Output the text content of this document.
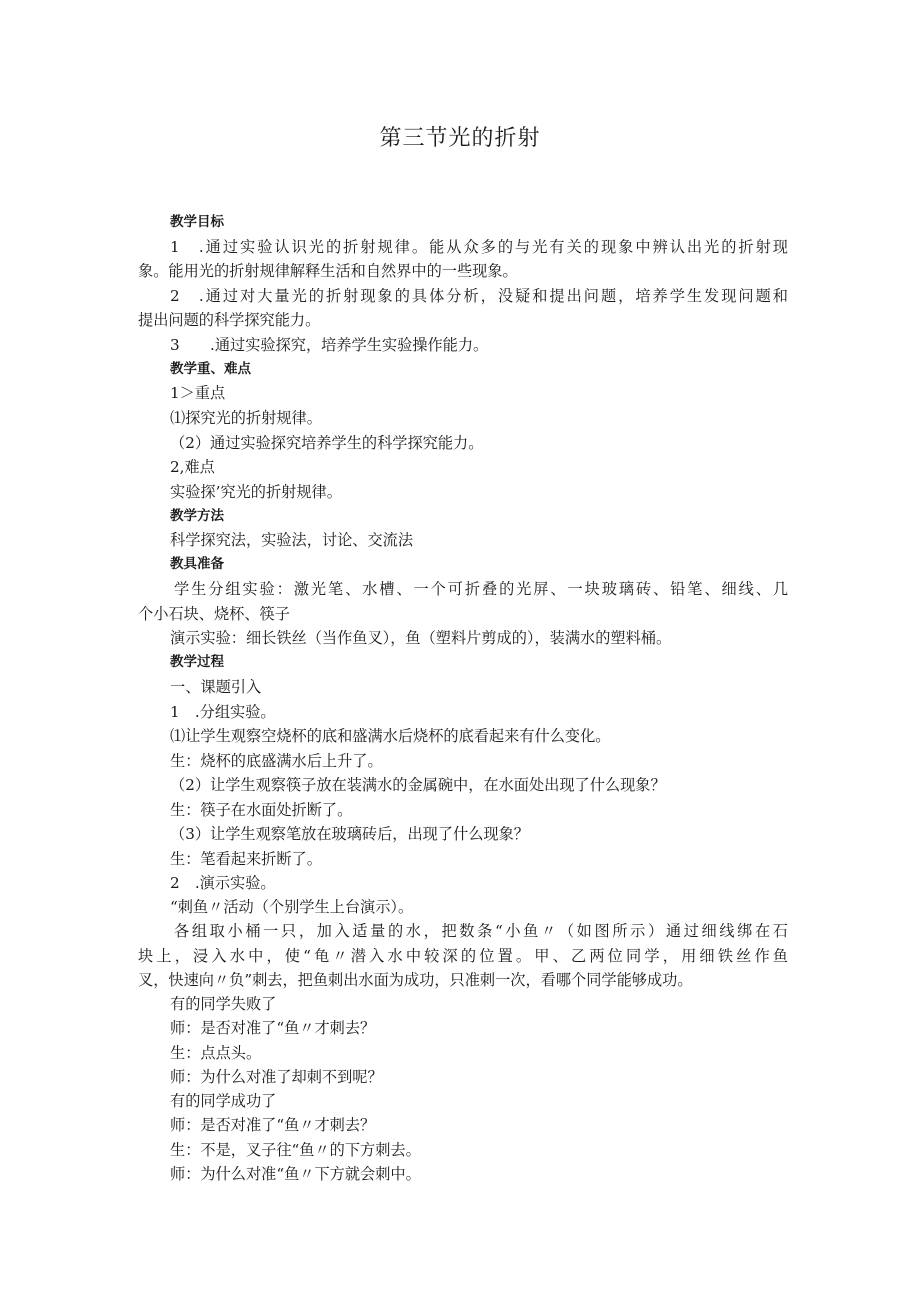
第三节光的折射
教学目标
1　.通过实验认识光的折射规律。能从众多的与光有关的现象中辨认出光的折射现
象。能用光的折射规律解释生活和自然界中的一些现象。
2　.通过对大量光的折射现象的具体分析，没疑和提出问题，培养学生发现问题和
提出问题的科学探究能力。
3　　.通过实验探究，培养学生实验操作能力。
教学重、难点
1＞重点
⑴探究光的折射规律。
（2）通过实验探究培养学生的科学探究能力。
2,难点
实验探’究光的折射规律。
教学方法
科学探究法，实验法，讨论、交流法
教具准备
学生分组实验：激光笔、水槽、一个可折叠的光屏、一块玻璃砖、铅笔、细线、几
个小石块、烧杯、筷子
演示实验：细长铁丝（当作鱼叉），鱼（塑料片剪成的），装满水的塑料桶。
教学过程
一、课题引入
1　.分组实验。
⑴让学生观察空烧杯的底和盛满水后烧杯的底看起来有什么变化。
生：烧杯的底盛满水后上升了。
（2）让学生观察筷子放在装满水的金属碗中，在水面处出现了什么现象？
生：筷子在水面处折断了。
（3）让学生观察笔放在玻璃砖后，出现了什么现象？
生：笔看起来折断了。
2　.演示实验。
“刺鱼〃活动（个别学生上台演示）。
各组取小桶一只，加入适量的水，把数条“小鱼〃（如图所示）通过细线绑在石
块上，浸入水中，使“龟〃潜入水中较深的位置。甲、乙两位同学，用细铁丝作鱼
叉，快速向〃负”刺去，把鱼刺出水面为成功，只准刺一次，看哪个同学能够成功。
有的同学失败了
师：是否对准了“鱼〃才刺去？
生：点点头。
师：为什么对准了却刺不到呢？
有的同学成功了
师：是否对准了“鱼〃才刺去？
生：不是，叉子往“鱼〃的下方刺去。
师：为什么对准“鱼〃下方就会刺中。
